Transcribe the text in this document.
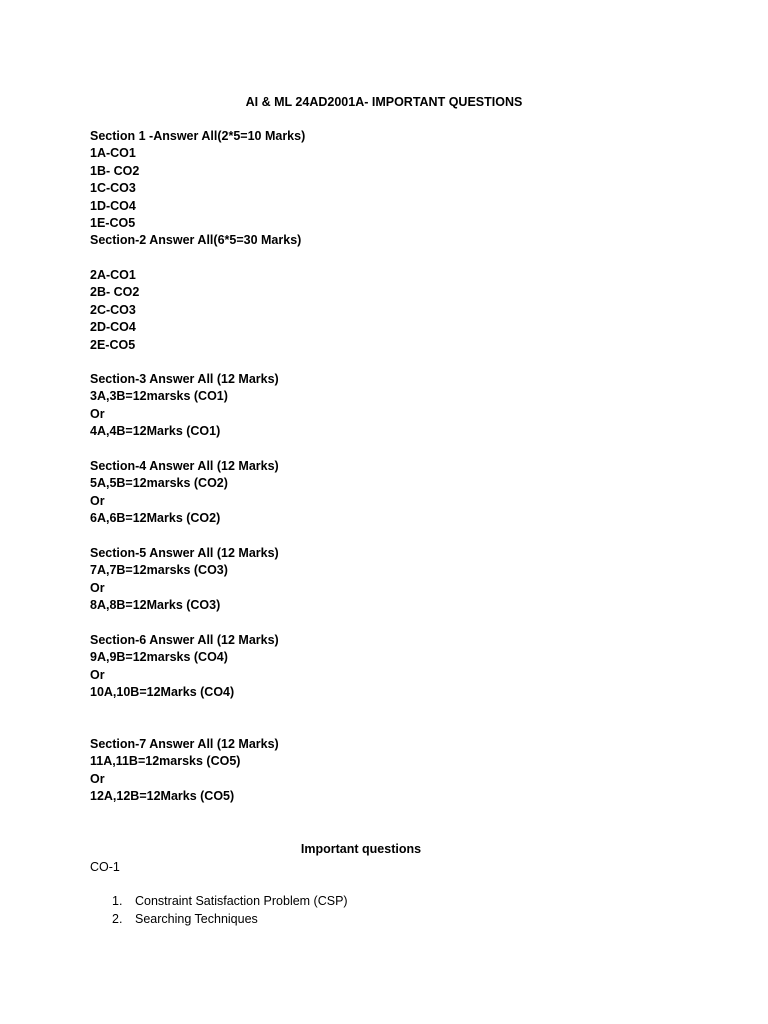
AI & ML 24AD2001A- IMPORTANT QUESTIONS
Section 1 -Answer All(2*5=10 Marks)
1A-CO1
1B- CO2
1C-CO3
1D-CO4
1E-CO5
Section-2 Answer All(6*5=30 Marks)
2A-CO1
2B- CO2
2C-CO3
2D-CO4
2E-CO5
Section-3 Answer All (12 Marks)
3A,3B=12marsks (CO1)
Or
4A,4B=12Marks (CO1)
Section-4 Answer All (12 Marks)
5A,5B=12marsks (CO2)
Or
6A,6B=12Marks (CO2)
Section-5 Answer All (12 Marks)
7A,7B=12marsks (CO3)
Or
8A,8B=12Marks (CO3)
Section-6 Answer All (12 Marks)
9A,9B=12marsks (CO4)
Or
10A,10B=12Marks (CO4)
Section-7 Answer All (12 Marks)
11A,11B=12marsks (CO5)
Or
12A,12B=12Marks (CO5)
Important questions
CO-1
1. Constraint Satisfaction Problem (CSP)
2. Searching Techniques
